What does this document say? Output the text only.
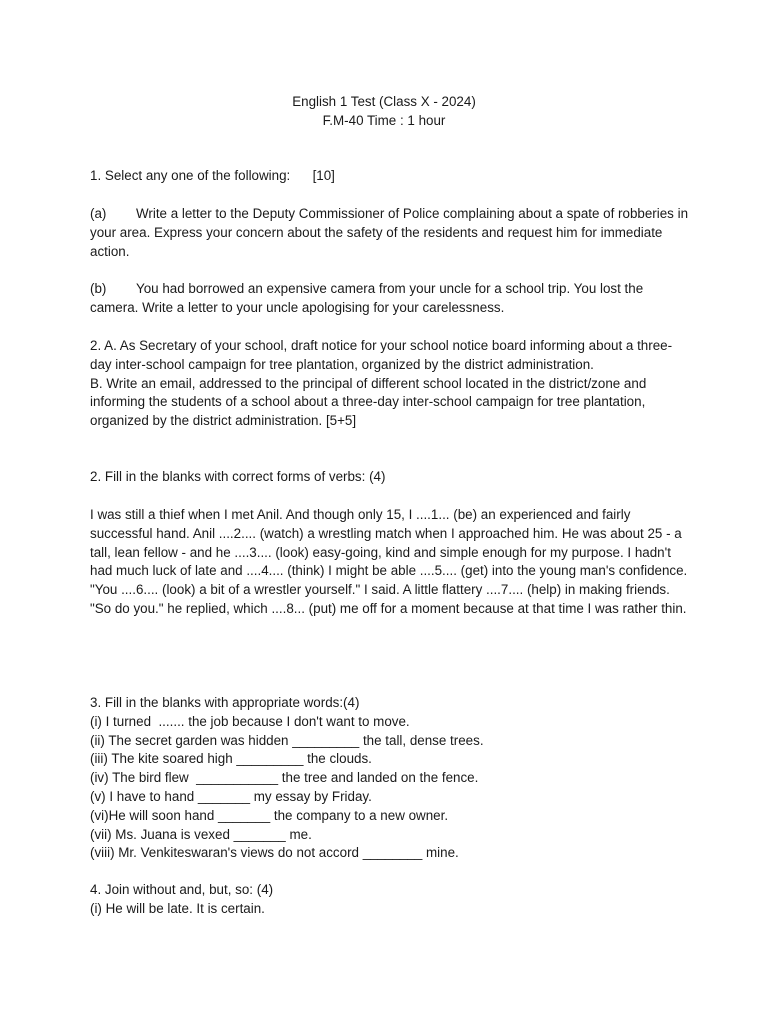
English 1 Test (Class X - 2024)
F.M-40 Time : 1 hour

1. Select any one of the following:      [10]

(a) Write a letter to the Deputy Commissioner of Police complaining about a spate of robberies in your area. Express your concern about the safety of the residents and request him for immediate action.

(b) You had borrowed an expensive camera from your uncle for a school trip. You lost the camera. Write a letter to your uncle apologising for your carelessness.

2. A. As Secretary of your school, draft notice for your school notice board informing about a three-day inter-school campaign for tree plantation, organized by the district administration.

B. Write an email, addressed to the principal of different school located in the district/zone and informing the students of a school about a three-day inter-school campaign for tree plantation, organized by the district administration. [5+5]

2. Fill in the blanks with correct forms of verbs: (4)

I was still a thief when I met Anil. And though only 15, I ....1... (be) an experienced and fairly successful hand. Anil ....2.... (watch) a wrestling match when I approached him. He was about 25 - a tall, lean fellow - and he ....3.... (look) easy-going, kind and simple enough for my purpose. I hadn't had much luck of late and ....4.... (think) I might be able ....5.... (get) into the young man's confidence.

"You ....6.... (look) a bit of a wrestler yourself." I said. A little flattery ....7.... (help) in making friends.

"So do you." he replied, which ....8... (put) me off for a moment because at that time I was rather thin.

3. Fill in the blanks with appropriate words:(4)

(i) I turned  ....... the job because I don't want to move.

(ii) The secret garden was hidden _________ the tall, dense trees.

(iii) The kite soared high _________ the clouds.

(iv) The bird flew  ___________ the tree and landed on the fence.

(v) I have to hand _______ my essay by Friday.

(vi)He will soon hand _______ the company to a new owner.

(vii) Ms. Juana is vexed _______ me.

(viii) Mr. Venkiteswaran's views do not accord ________ mine.

4. Join without and, but, so: (4)

(i) He will be late. It is certain.
